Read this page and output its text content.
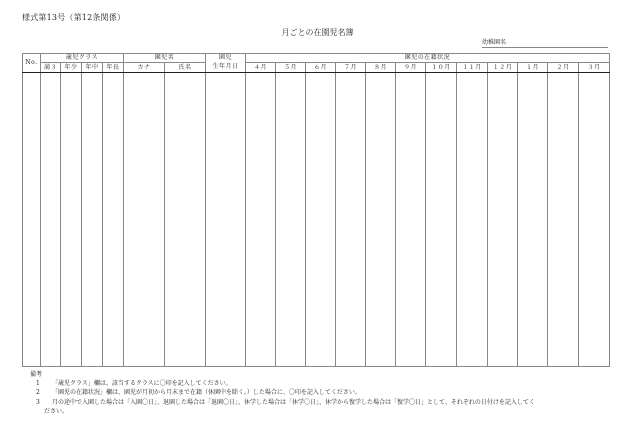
様式第13号（第12条関係）
月ごとの在園児名簿
幼稚園名
No.	歳児クラス				園児名		園児	園児の在籍状況											
	満３	年少	年中	年長	カナ	氏名	生年月日	４月	５月	６月	７月	８月	９月	１０月	１１月	１２月	１月	２月	３月

備考
1 「歳児クラス」欄は、該当するクラスに〇印を記入してください。
2 「園児の在籍状況」欄は、園児が月初から月末まで在籍（休園中を除く。）した場合に、〇印を記入してください。
3 月の途中で入園した場合は「入園〇日」、退園した場合は「退園〇日」、休学した場合は「休学〇日」、休学から復学した場合は「復学〇日」として、それぞれの日付けを記入してく
ださい。
